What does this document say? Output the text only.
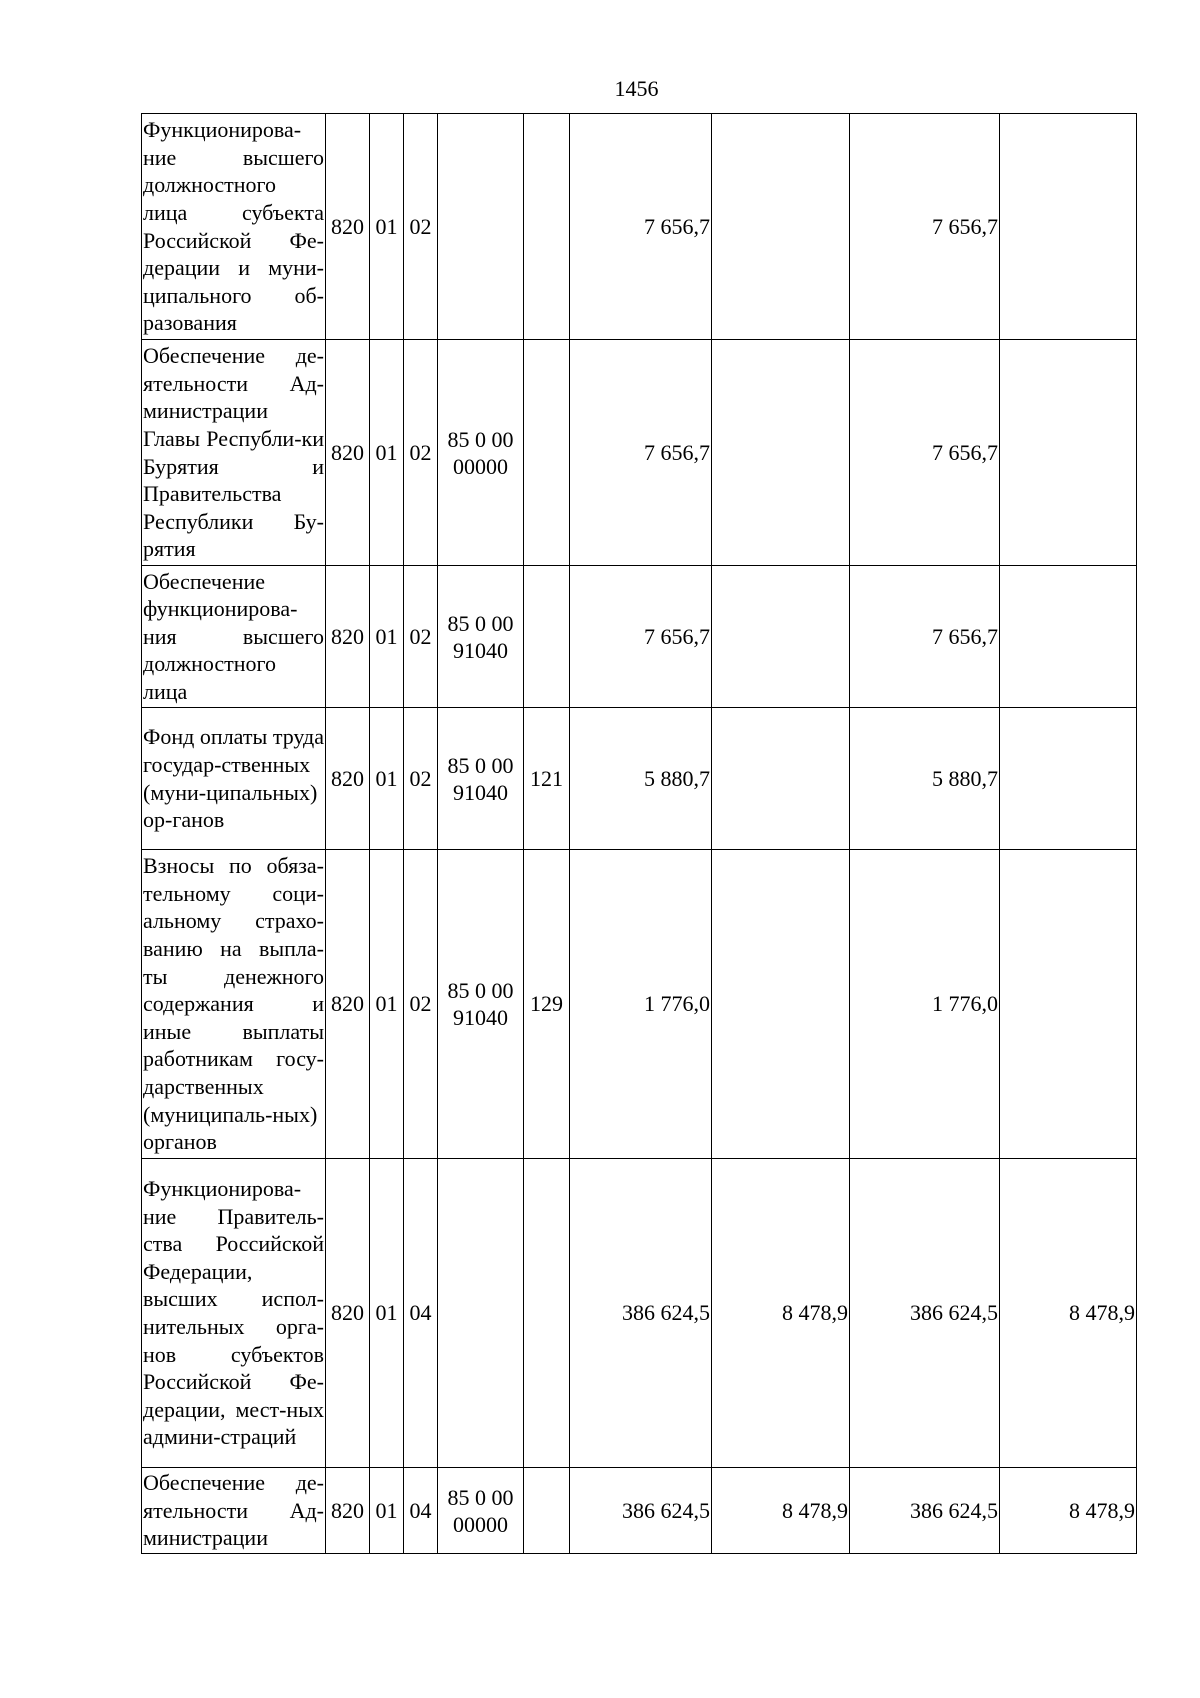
1456
Функционирова-ние высшего должностного лица субъекта Российской Фе-дерации и муни-ципального об-разования	820	01	02			7 656,7		7 656,7	
Обеспечение де-ятельности Ад-министрации Главы Республи-ки Бурятия и Правительства Республики Бу-рятия	820	01	02	85 0 00 00000		7 656,7		7 656,7	
Обеспечение функционирова-ния высшего должностного лица	820	01	02	85 0 00 91040		7 656,7		7 656,7	
Фонд оплаты труда государ-ственных (муни-ципальных) ор-ганов	820	01	02	85 0 00 91040	121	5 880,7		5 880,7	
Взносы по обяза-тельному соци-альному страхо-ванию на выпла-ты денежного содержания и иные выплаты работникам госу-дарственных (муниципаль-ных) органов	820	01	02	85 0 00 91040	129	1 776,0		1 776,0	
Функционирова-ние Правитель-ства Российской Федерации, высших испол-нительных орга-нов субъектов Российской Фе-дерации, мест-ных админи-страций	820	01	04			386 624,5	8 478,9	386 624,5	8 478,9
Обеспечение де-ятельности Ад-министрации	820	01	04	85 0 00 00000		386 624,5	8 478,9	386 624,5	8 478,9
